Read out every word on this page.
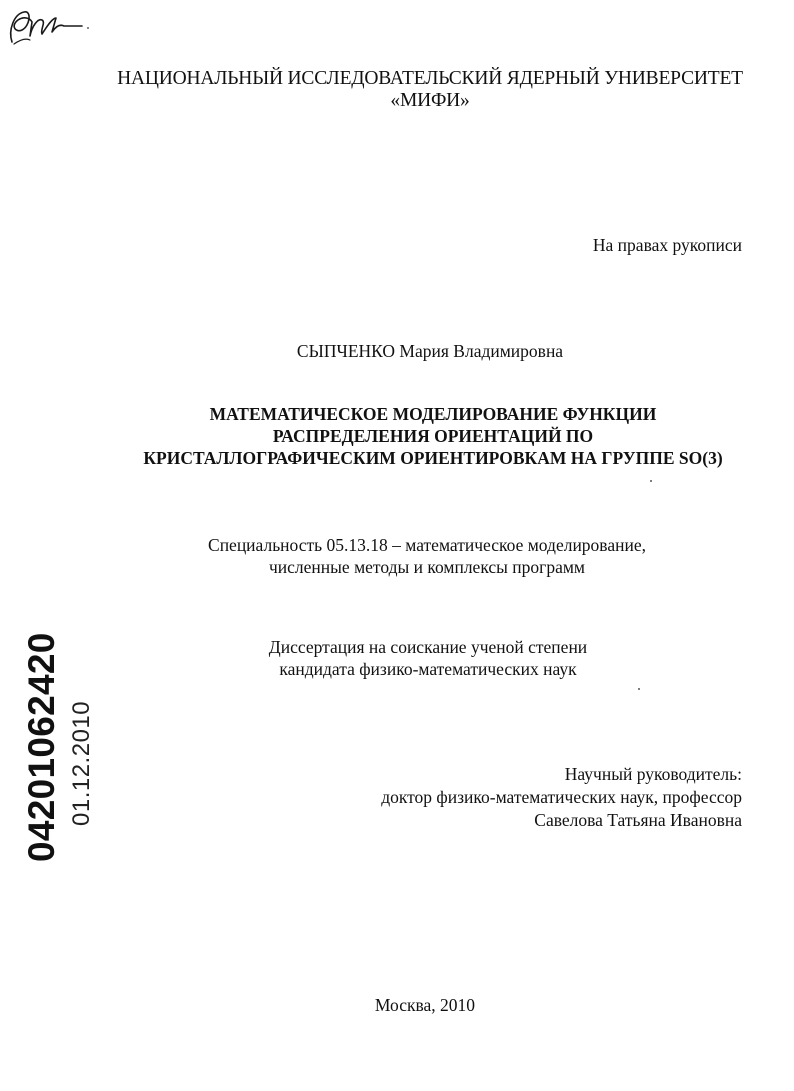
НАЦИОНАЛЬНЫЙ ИССЛЕДОВАТЕЛЬСКИЙ ЯДЕРНЫЙ УНИВЕРСИТЕТ
«МИФИ»
На правах рукописи
СЫПЧЕНКО Мария Владимировна
МАТЕМАТИЧЕСКОЕ МОДЕЛИРОВАНИЕ ФУНКЦИИ
РАСПРЕДЕЛЕНИЯ ОРИЕНТАЦИЙ ПО
КРИСТАЛЛОГРАФИЧЕСКИМ ОРИЕНТИРОВКАМ НА ГРУППЕ SO(3)
Специальность 05.13.18 – математическое моделирование,
численные методы и комплексы программ
Диссертация на соискание ученой степени
кандидата физико-математических наук
Научный руководитель:
доктор физико-математических наук, профессор
Савелова Татьяна Ивановна
Москва, 2010
04201062420 01.12.2010
